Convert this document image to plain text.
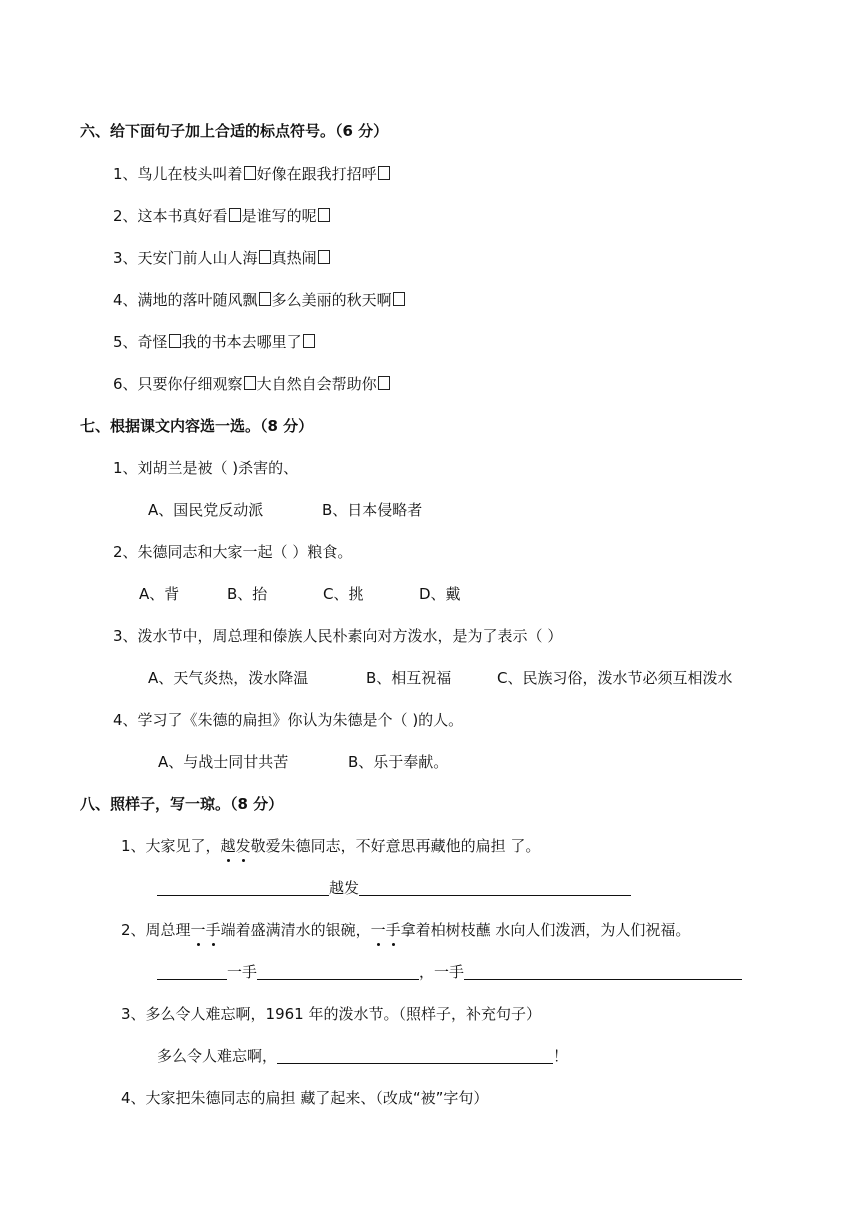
六、给下面句子加上合适的标点符号。（6 分）
1、鸟儿在枝头叫着 好像在跟我打招呼
2、这本书真好看 是谁写的呢
3、天安门前人山人海 真热闹
4、满地的落叶随风飘 多么美丽的秋天啊
5、奇怪 我的书本去哪里了
6、只要你仔细观察 大自然自会帮助你
七、根据课文内容选一选。（8 分）
1、刘胡兰是被（ )杀害的、
A、国民党反动派	B、日本侵略者
2、朱德同志和大家一起（ ）粮食。
A、背	B、抬	C、挑	D、戴
3、泼水节中，周总理和傣族人民朴素向对方泼水，是为了表示（ ）
A、天气炎热，泼水降温	B、相互祝福	C、民族习俗，泼水节必须互相泼水
4、学习了《朱德的扁担》你认为朱德是个（ )的人。
A、与战士同甘共苦	B、乐于奉献。
八、照样子，写一琼。（8 分）
1、大家见了，越发敬爱朱德同志，不好意思再藏他的扁担 了。
越发
2、周总理一手端着盛满清水的银碗，一手拿着柏树枝蘸 水向人们泼洒，为人们祝福。
一手	，一手
3、多么令人难忘啊，1961 年的泼水节。（照样子，补充句子）
多么令人难忘啊，	！
4、大家把朱德同志的扁担 藏了起来、（改成“被”字句）
